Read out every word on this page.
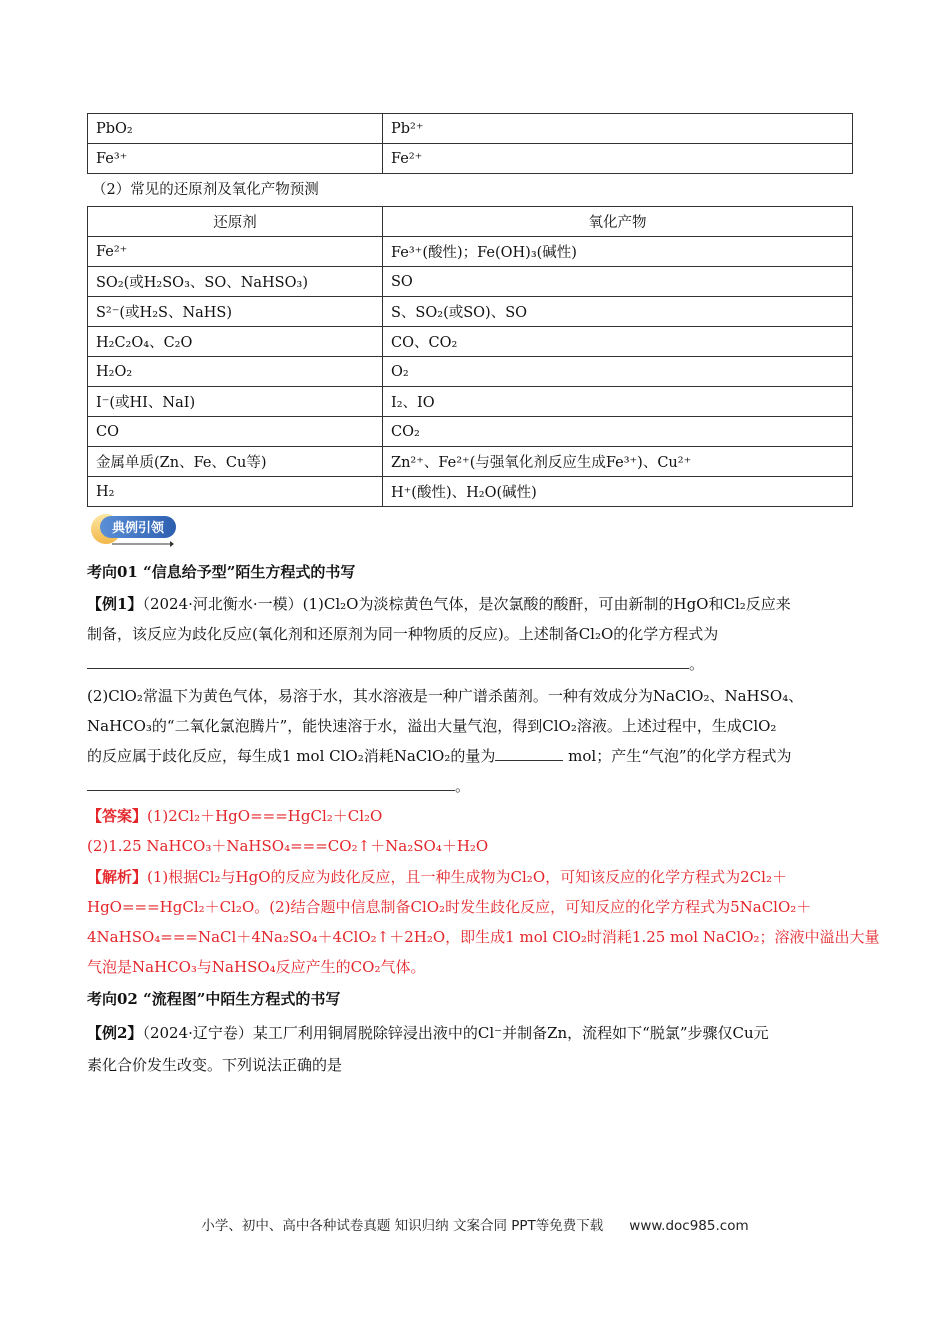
PbO₂	Pb²⁺
Fe³⁺	Fe²⁺
（2）常见的还原剂及氧化产物预测
还原剂	氧化产物
Fe²⁺	Fe³⁺(酸性)；Fe(OH)₃(碱性)
SO₂(或H₂SO₃、SO、NaHSO₃)	SO
S²⁻(或H₂S、NaHS)	S、SO₂(或SO)、SO
H₂C₂O₄、C₂O	CO、CO₂
H₂O₂	O₂
I⁻(或HI、NaI)	I₂、IO
CO	CO₂
金属单质(Zn、Fe、Cu等)	Zn²⁺、Fe²⁺(与强氧化剂反应生成Fe³⁺)、Cu²⁺
H₂	H⁺(酸性)、H₂O(碱性)
典例引领
考向01 “信息给予型”陌生方程式的书写
【例1】（2024·河北衡水·一模）(1)Cl₂O为淡棕黄色气体，是次氯酸的酸酐，可由新制的HgO和Cl₂反应来
制备，该反应为歧化反应(氧化剂和还原剂为同一种物质的反应)。上述制备Cl₂O的化学方程式为
。
(2)ClO₂常温下为黄色气体，易溶于水，其水溶液是一种广谱杀菌剂。一种有效成分为NaClO₂、NaHSO₄、
NaHCO₃的“二氧化氯泡腾片”，能快速溶于水，溢出大量气泡，得到ClO₂溶液。上述过程中，生成ClO₂
的反应属于歧化反应，每生成1 mol ClO₂消耗NaClO₂的量为	mol；产生“气泡”的化学方程式为
。
【答案】(1)2Cl₂＋HgO===HgCl₂＋Cl₂O
(2)1.25 NaHCO₃＋NaHSO₄===CO₂↑＋Na₂SO₄＋H₂O
【解析】(1)根据Cl₂与HgO的反应为歧化反应，且一种生成物为Cl₂O，可知该反应的化学方程式为2Cl₂＋
HgO===HgCl₂＋Cl₂O。(2)结合题中信息制备ClO₂时发生歧化反应，可知反应的化学方程式为5NaClO₂＋
4NaHSO₄===NaCl＋4Na₂SO₄＋4ClO₂↑＋2H₂O，即生成1 mol ClO₂时消耗1.25 mol NaClO₂；溶液中溢出大量
气泡是NaHCO₃与NaHSO₄反应产生的CO₂气体。
考向02 “流程图”中陌生方程式的书写
【例2】（2024·辽宁卷）某工厂利用铜屑脱除锌浸出液中的Cl⁻并制备Zn，流程如下“脱氯”步骤仅Cu元
素化合价发生改变。下列说法正确的是
小学、初中、高中各种试卷真题 知识归纳 文案合同 PPT等免费下载 www.doc985.com
